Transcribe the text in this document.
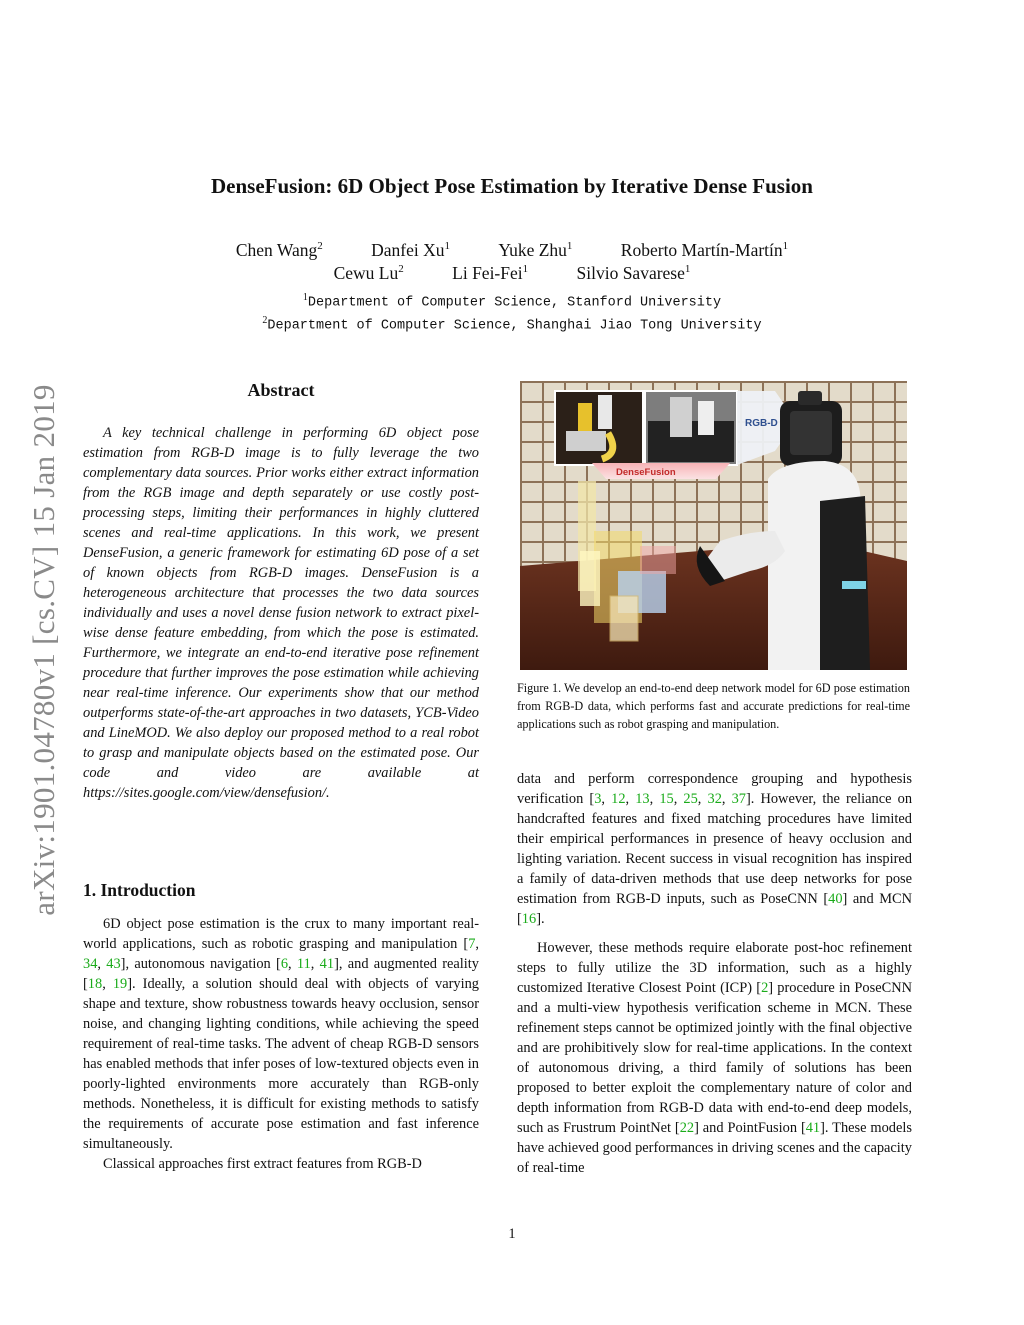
arXiv:1901.04780v1 [cs.CV] 15 Jan 2019
DenseFusion: 6D Object Pose Estimation by Iterative Dense Fusion
Chen Wang$^2$	Danfei Xu$^1$	Yuke Zhu$^1$	Roberto Martín-Martín$^1$
Cewu Lu$^2$	Li Fei-Fei$^1$	Silvio Savarese$^1$
$^1$Department of Computer Science, Stanford University
$^2$Department of Computer Science, Shanghai Jiao Tong University
Abstract

A key technical challenge in performing 6D object pose estimation from RGB-D image is to fully leverage the two complementary data sources. Prior works either extract information from the RGB image and depth separately or use costly post-processing steps, limiting their performances in highly cluttered scenes and real-time applications. In this work, we present DenseFusion, a generic framework for estimating 6D pose of a set of known objects from RGB-D images. DenseFusion is a heterogeneous architecture that processes the two data sources individually and uses a novel dense fusion network to extract pixel-wise dense feature embedding, from which the pose is estimated. Furthermore, we integrate an end-to-end iterative pose refinement procedure that further improves the pose estimation while achieving near real-time inference. Our experiments show that our method outperforms state-of-the-art approaches in two datasets, YCB-Video and LineMOD. We also deploy our proposed method to a real robot to grasp and manipulate objects based on the estimated pose. Our code and video are available at https://sites.google.com/view/densefusion/.

1. Introduction

6D object pose estimation is the crux to many important real-world applications, such as robotic grasping and manipulation [7, 34, 43], autonomous navigation [6, 11, 41], and augmented reality [18, 19]. Ideally, a solution should deal with objects of varying shape and texture, show robustness towards heavy occlusion, sensor noise, and changing lighting conditions, while achieving the speed requirement of real-time tasks. The advent of cheap RGB-D sensors has enabled methods that infer poses of low-textured objects even in poorly-lighted environments more accurately than RGB-only methods. Nonetheless, it is difficult for existing methods to satisfy the requirements of accurate pose estimation and fast inference simultaneously.

Classical approaches first extract features from RGB-D

RGB-D
DenseFusion

Figure 1. We develop an end-to-end deep network model for 6D pose estimation from RGB-D data, which performs fast and accurate predictions for real-time applications such as robot grasping and manipulation.

data and perform correspondence grouping and hypothesis verification [3, 12, 13, 15, 25, 32, 37]. However, the reliance on handcrafted features and fixed matching procedures have limited their empirical performances in presence of heavy occlusion and lighting variation. Recent success in visual recognition has inspired a family of data-driven methods that use deep networks for pose estimation from RGB-D inputs, such as PoseCNN [40] and MCN [16].

However, these methods require elaborate post-hoc refinement steps to fully utilize the 3D information, such as a highly customized Iterative Closest Point (ICP) [2] procedure in PoseCNN and a multi-view hypothesis verification scheme in MCN. These refinement steps cannot be optimized jointly with the final objective and are prohibitively slow for real-time applications. In the context of autonomous driving, a third family of solutions has been proposed to better exploit the complementary nature of color and depth information from RGB-D data with end-to-end deep models, such as Frustrum PointNet [22] and PointFusion [41]. These models have achieved good performances in driving scenes and the capacity of real-time

1
